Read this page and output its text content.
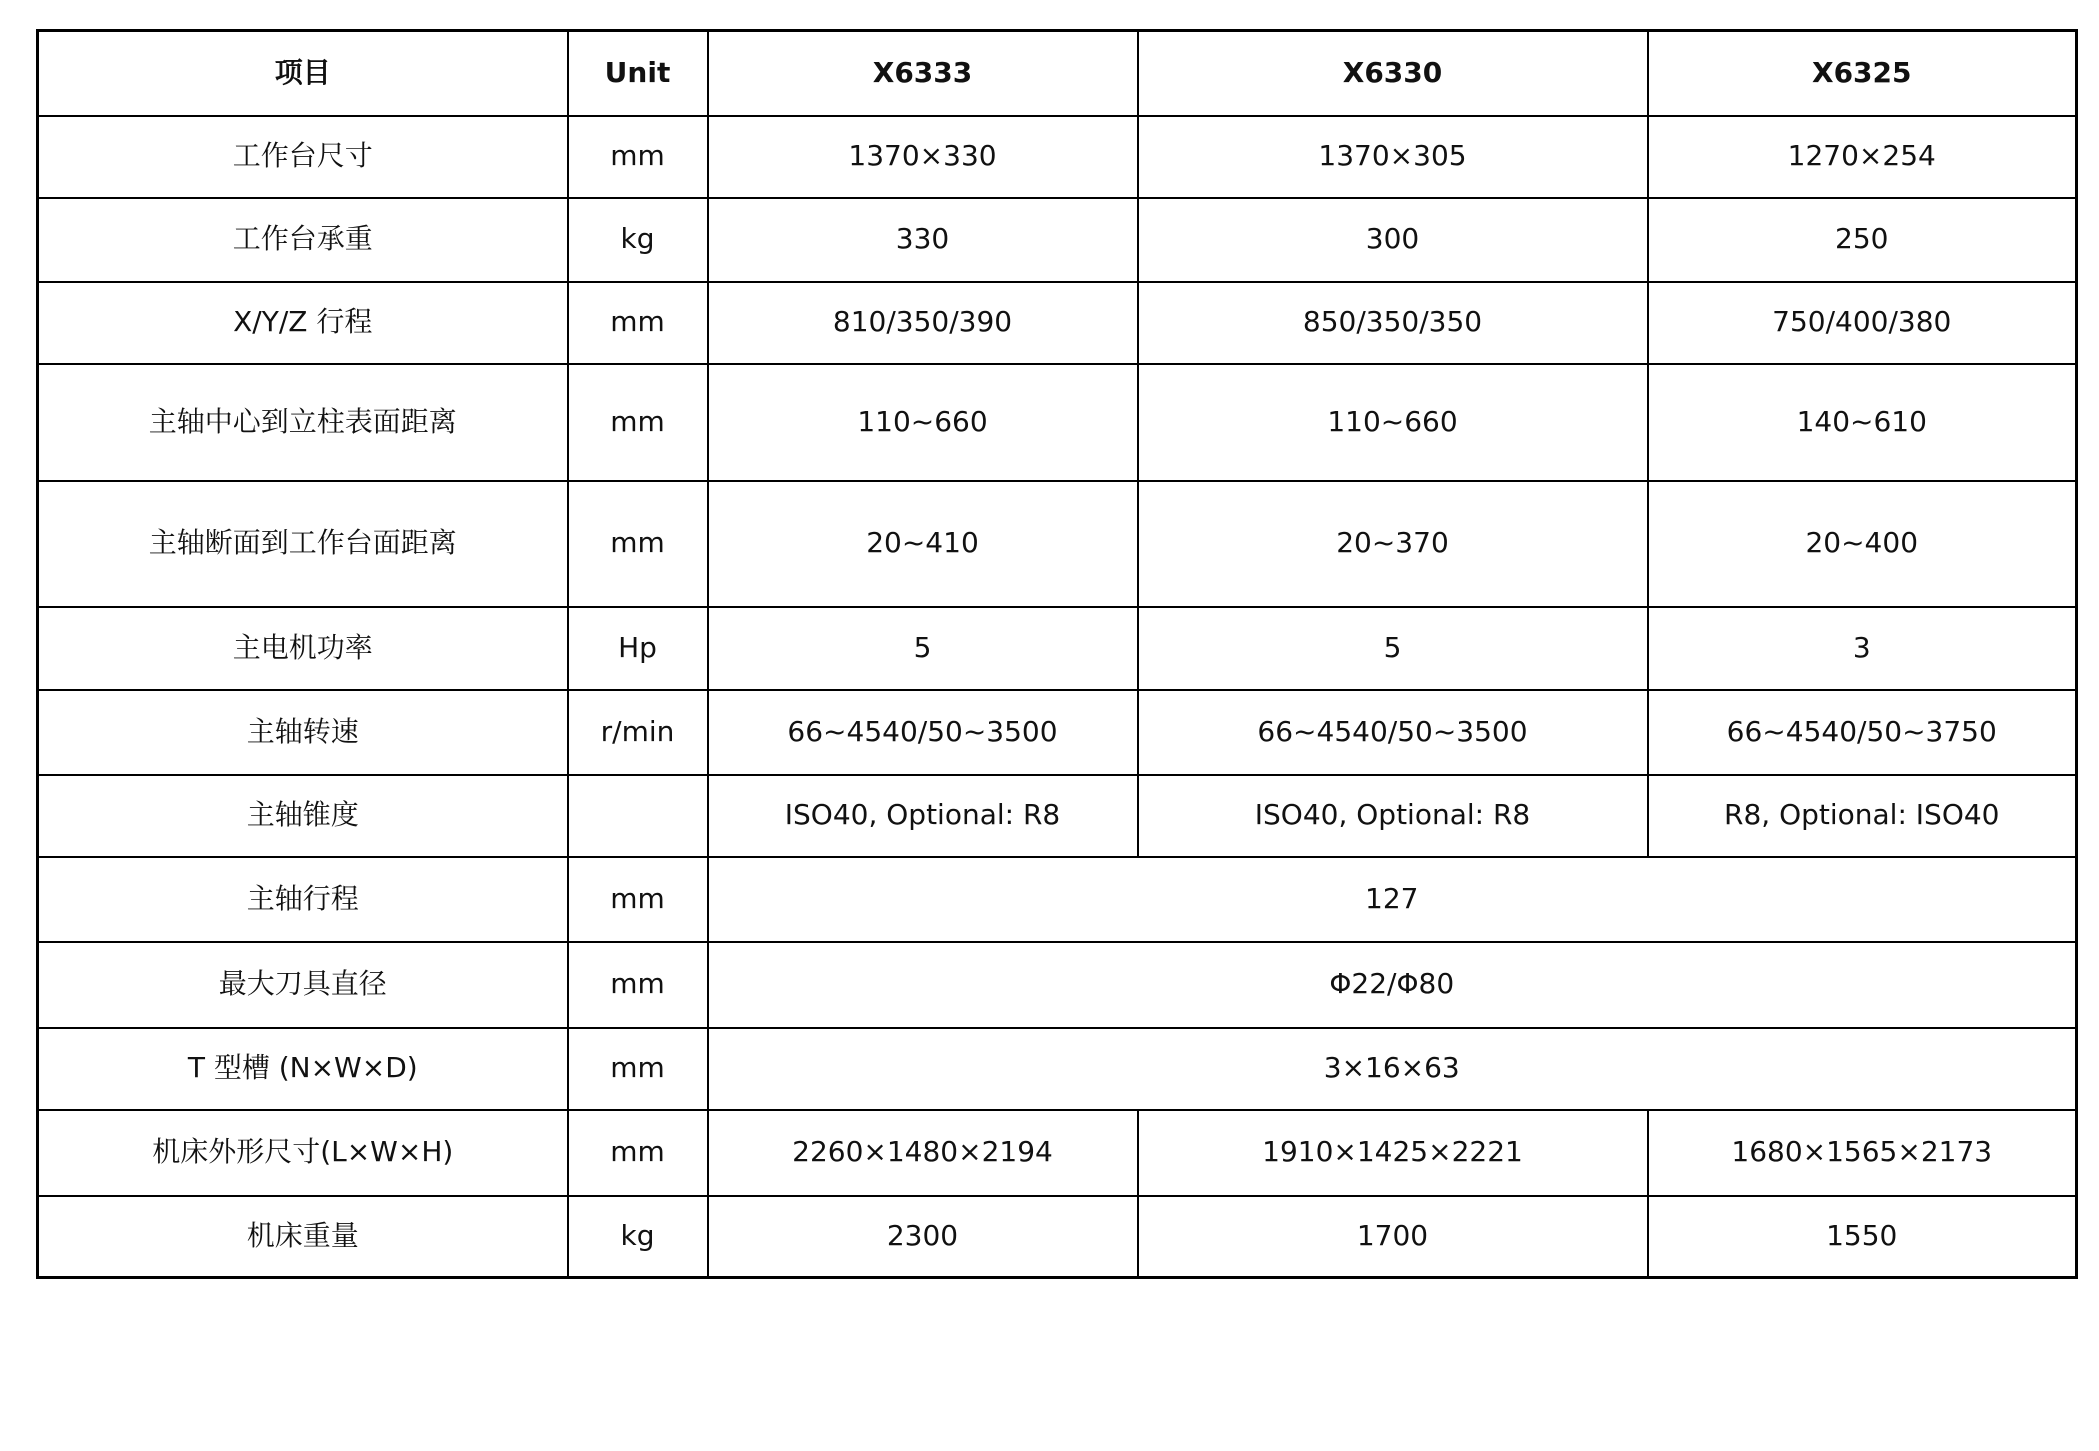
项目	Unit	X6333	X6330	X6325
工作台尺寸	mm	1370×330	1370×305	1270×254
工作台承重	kg	330	300	250
X/Y/Z 行程	mm	810/350/390	850/350/350	750/400/380
主轴中心到立柱表面距离	mm	110~660	110~660	140~610
主轴断面到工作台面距离	mm	20~410	20~370	20~400
主电机功率	Hp	5	5	3
主轴转速	r/min	66~4540/50~3500	66~4540/50~3500	66~4540/50~3750
主轴锥度		ISO40, Optional: R8	ISO40, Optional: R8	R8, Optional: ISO40
主轴行程	mm	127		
最大刀具直径	mm	Φ22/Φ80		
T 型槽 (N×W×D)	mm	3×16×63		
机床外形尺寸(L×W×H)	mm	2260×1480×2194	1910×1425×2221	1680×1565×2173
机床重量	kg	2300	1700	1550
